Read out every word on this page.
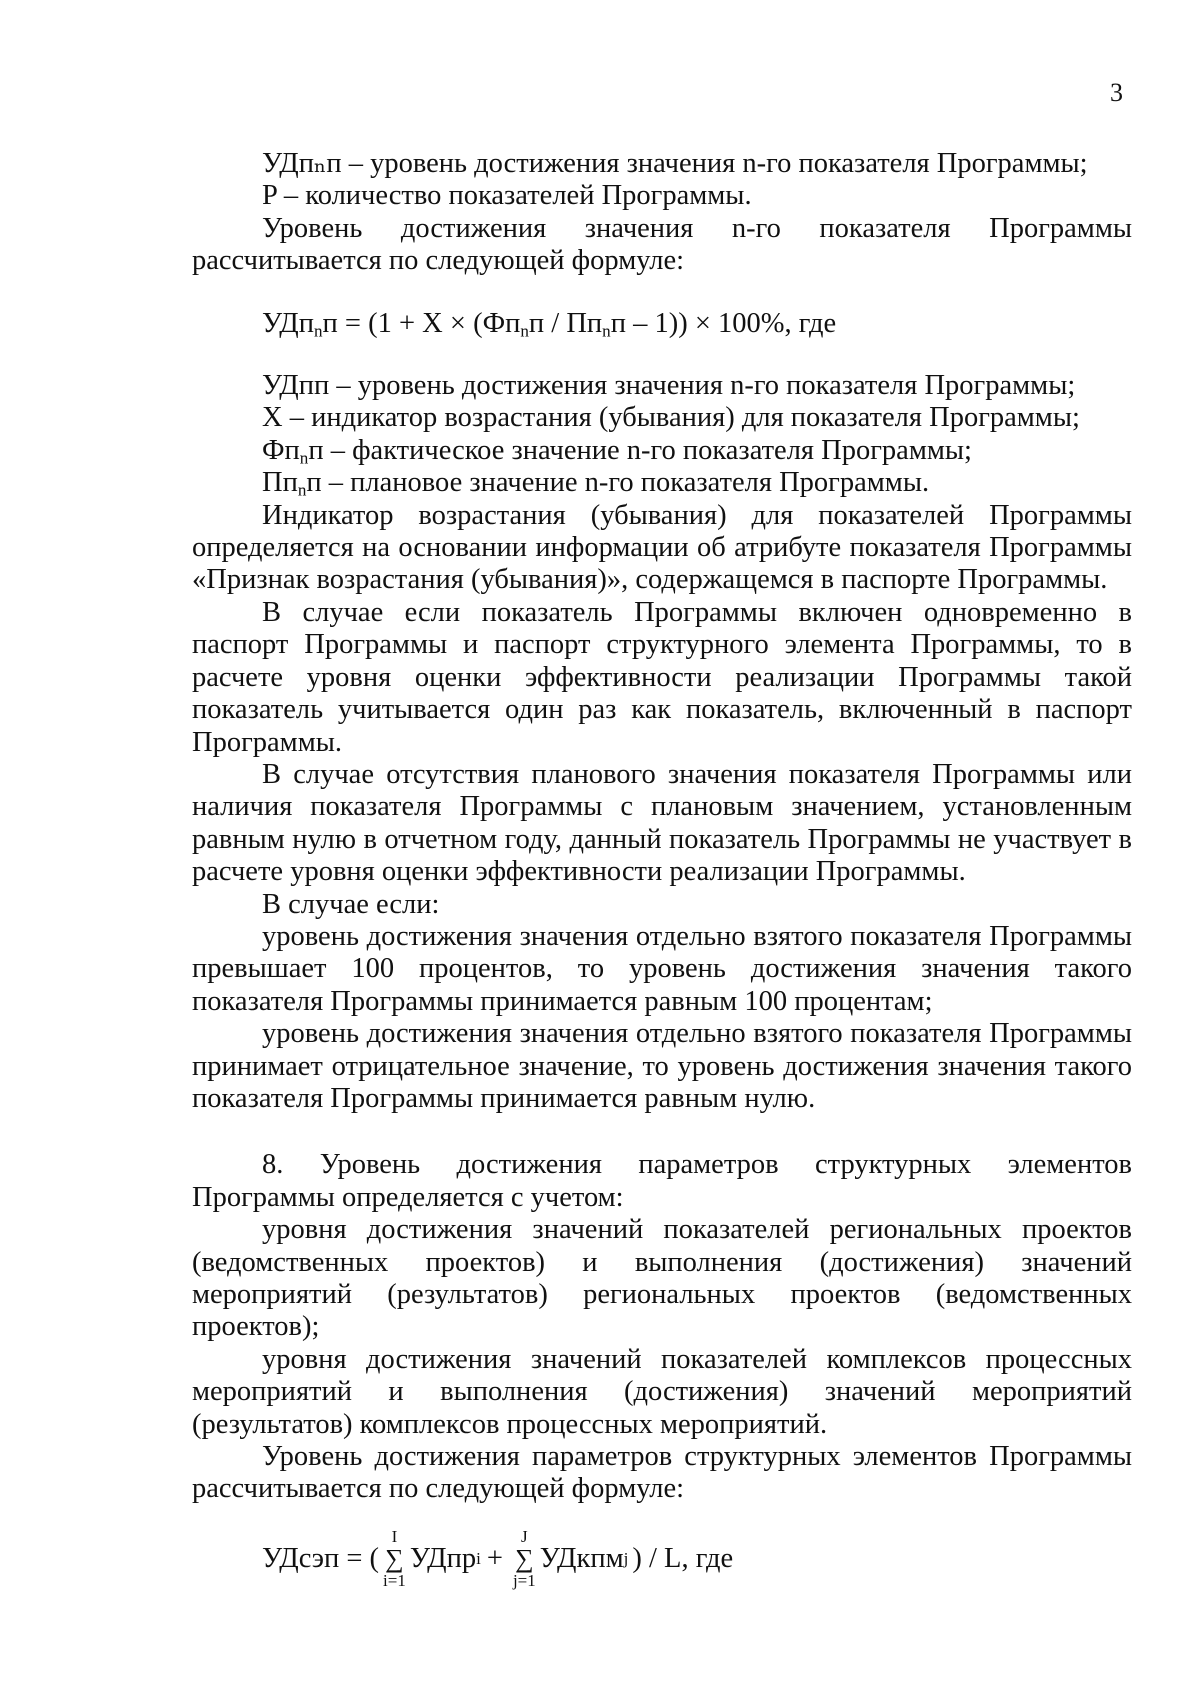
3

УДпₙп – уровень достижения значения n-го показателя Программы;

P – количество показателей Программы.

Уровень достижения значения n-го показателя Программы рассчитывается по следующей формуле:

$УДп_nп = (1 + X \times (Фп_nп / Пп_nп - 1)) \times 100\%$, где

УДпп – уровень достижения значения n-го показателя Программы;

X – индикатор возрастания (убывания) для показателя Программы;

$Фп_nп$ – фактическое значение n-го показателя Программы;

$Пп_nп$ – плановое значение n-го показателя Программы.

Индикатор возрастания (убывания) для показателей Программы определяется на основании информации об атрибуте показателя Программы «Признак возрастания (убывания)», содержащемся в паспорте Программы.

В случае если показатель Программы включен одновременно в паспорт Программы и паспорт структурного элемента Программы, то в расчете уровня оценки эффективности реализации Программы такой показатель учитывается один раз как показатель, включенный в паспорт Программы.

В случае отсутствия планового значения показателя Программы или наличия показателя Программы с плановым значением, установленным равным нулю в отчетном году, данный показатель Программы не участвует в расчете уровня оценки эффективности реализации Программы.

В случае если:

уровень достижения значения отдельно взятого показателя Программы превышает 100 процентов, то уровень достижения значения такого показателя Программы принимается равным 100 процентам;

уровень достижения значения отдельно взятого показателя Программы принимает отрицательное значение, то уровень достижения значения такого показателя Программы принимается равным нулю.

8. Уровень достижения параметров структурных элементов Программы определяется с учетом:

уровня достижения значений показателей региональных проектов (ведомственных проектов) и выполнения (достижения) значений мероприятий (результатов) региональных проектов (ведомственных проектов);

уровня достижения значений показателей комплексов процессных мероприятий и выполнения (достижения) значений мероприятий (результатов) комплексов процессных мероприятий.

Уровень достижения параметров структурных элементов Программы рассчитывается по следующей формуле:

УДсэп = (
I
∑
i=1
УДпр i +
J
∑
j=1
УДкпм j ) / L, где
